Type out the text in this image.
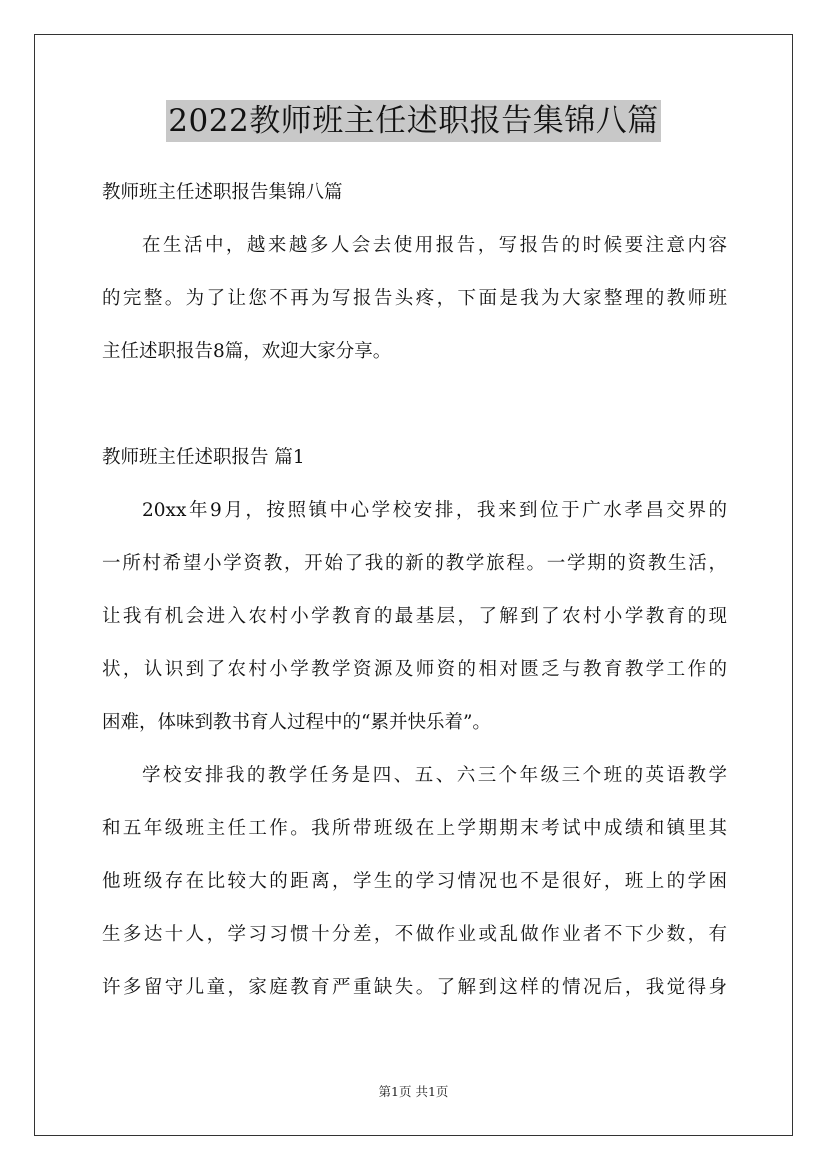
2022教师班主任述职报告集锦八篇
教师班主任述职报告集锦八篇
在生活中，越来越多人会去使用报告，写报告的时候要注意内容
的完整。为了让您不再为写报告头疼，下面是我为大家整理的教师班
主任述职报告8篇，欢迎大家分享。
教师班主任述职报告 篇1
20xx年9月，按照镇中心学校安排，我来到位于广水孝昌交界的
一所村希望小学资教，开始了我的新的教学旅程。一学期的资教生活，
让我有机会进入农村小学教育的最基层，了解到了农村小学教育的现
状，认识到了农村小学教学资源及师资的相对匮乏与教育教学工作的
困难，体味到教书育人过程中的“累并快乐着”。
学校安排我的教学任务是四、五、六三个年级三个班的英语教学
和五年级班主任工作。我所带班级在上学期期末考试中成绩和镇里其
他班级存在比较大的距离，学生的学习情况也不是很好，班上的学困
生多达十人，学习习惯十分差，不做作业或乱做作业者不下少数，有
许多留守儿童，家庭教育严重缺失。了解到这样的情况后，我觉得身
第1页 共1页
